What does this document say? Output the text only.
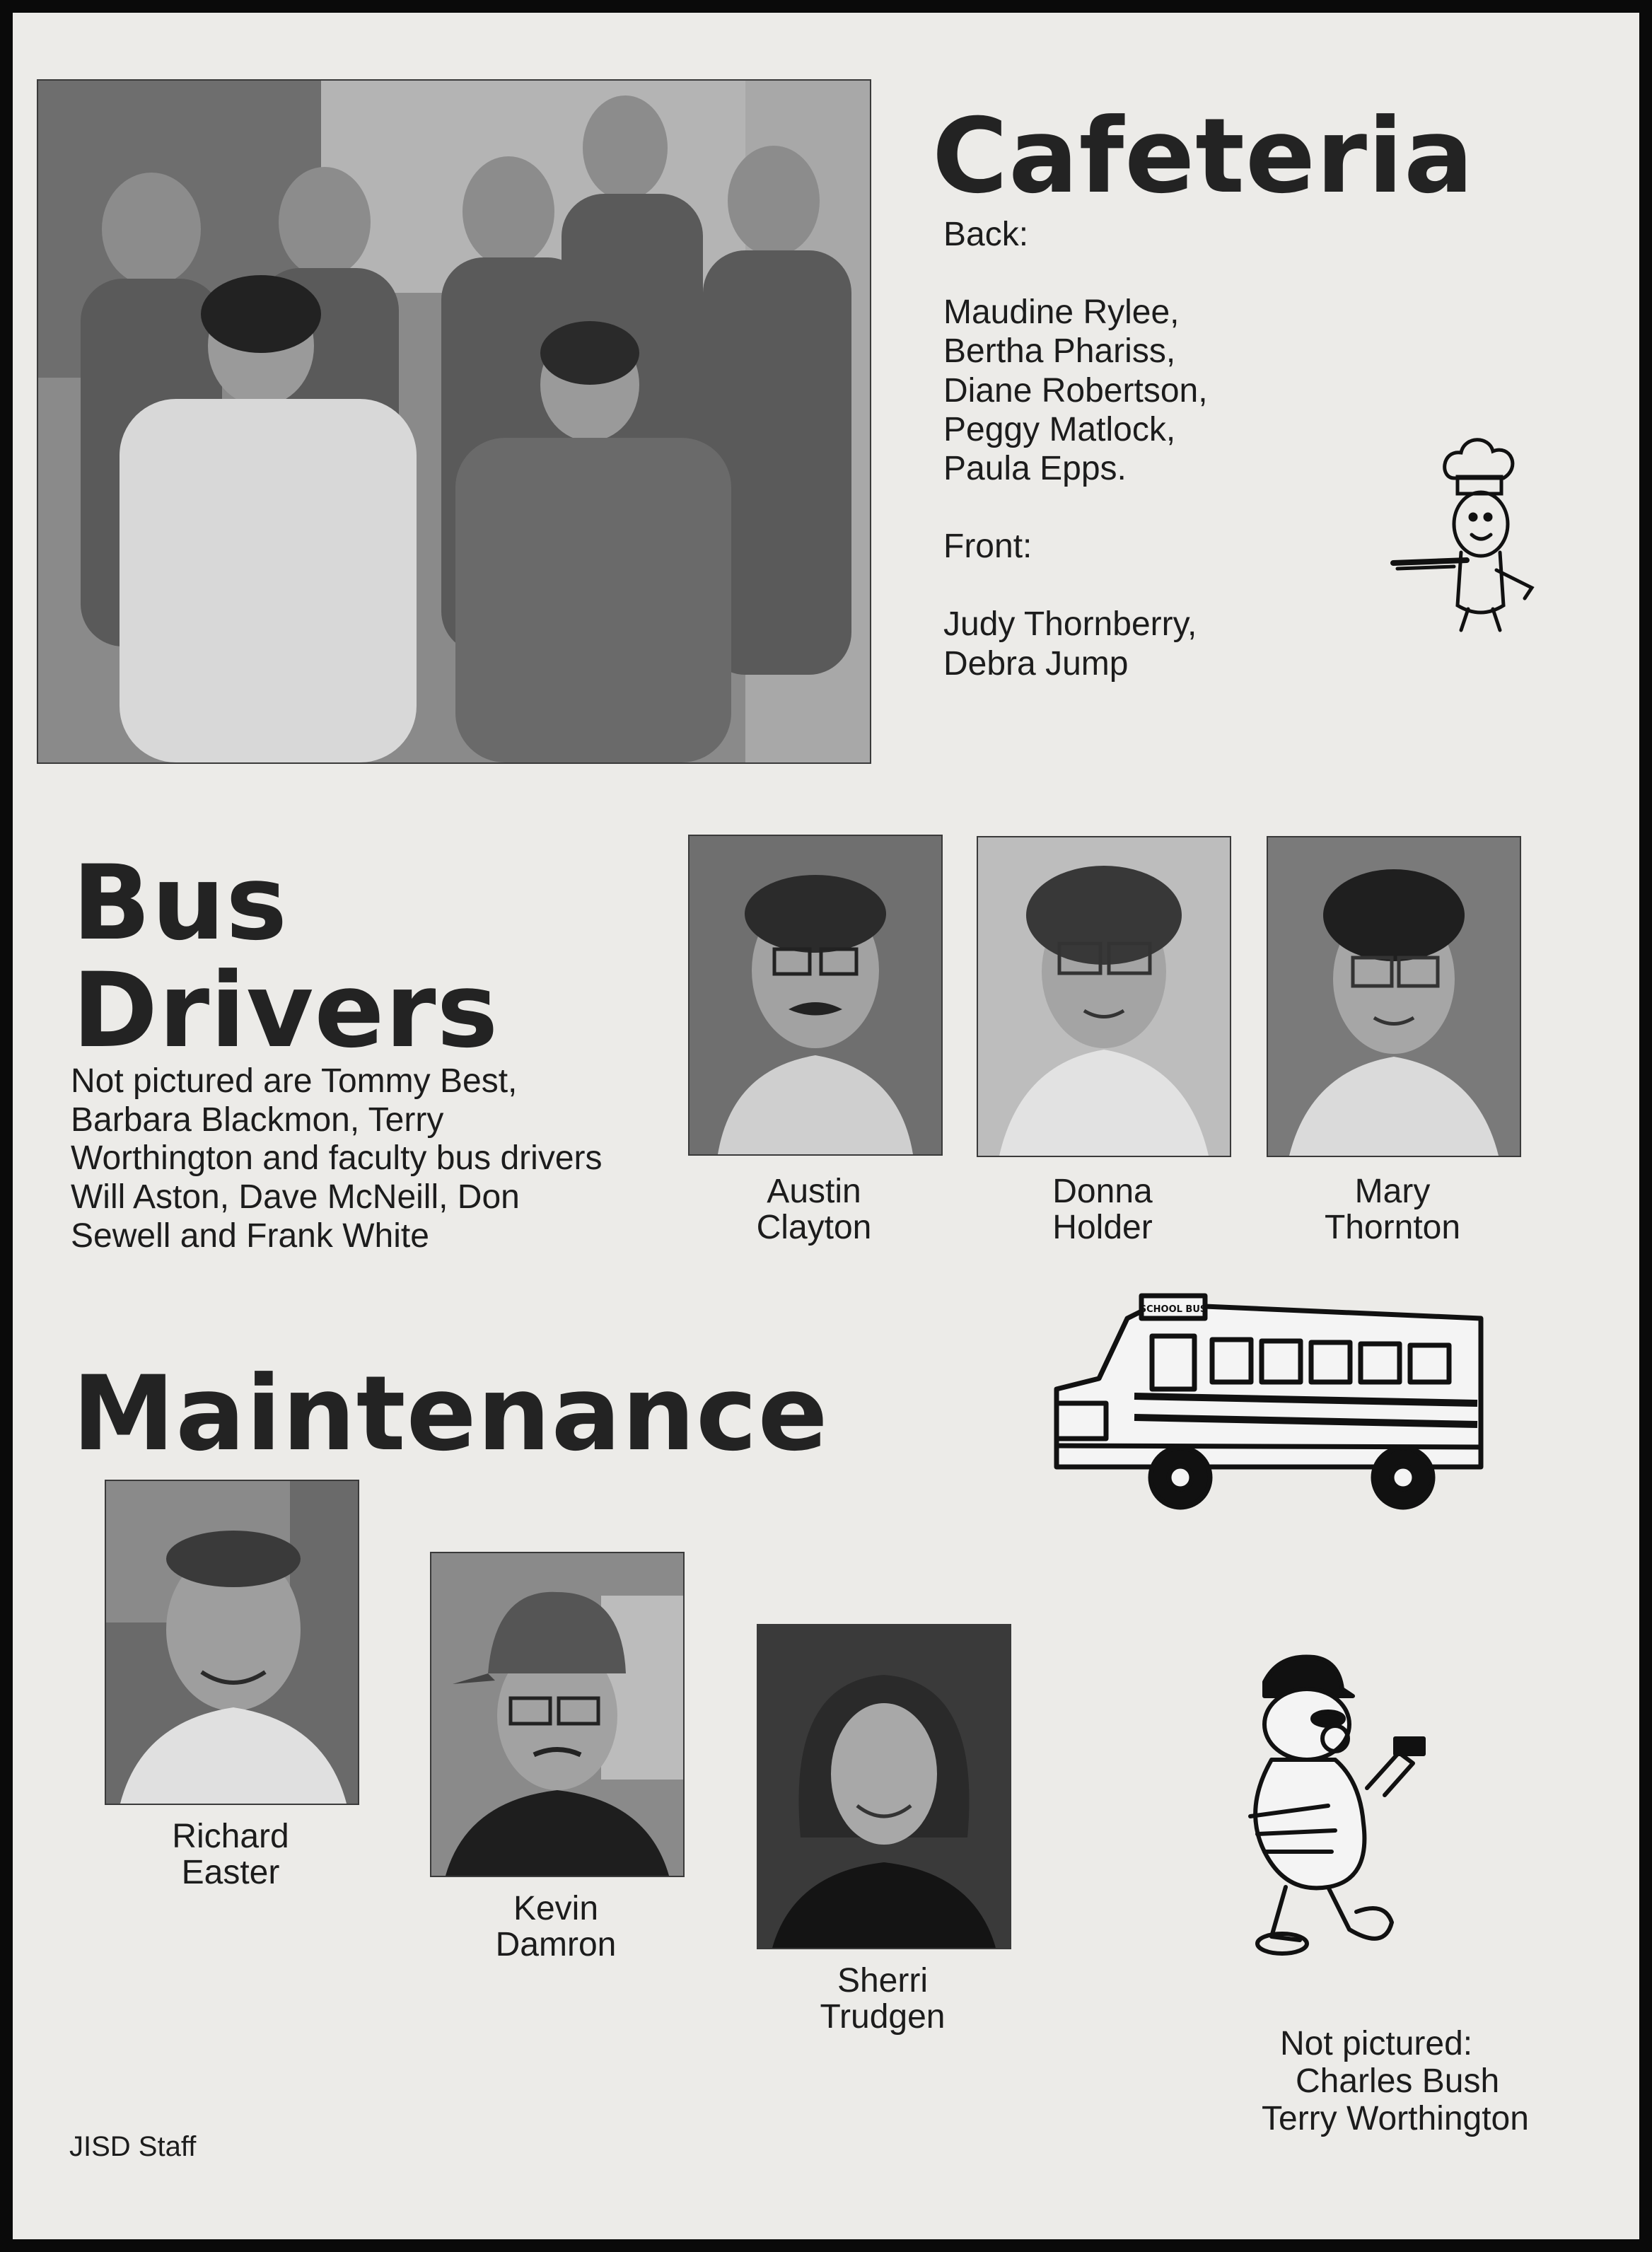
Cafeteria
Back:
Maudine Rylee,
Bertha Phariss,
Diane Robertson,
Peggy Matlock,
Paula Epps.
Front:
Judy Thornberry,
Debra Jump
Bus
Drivers
Not pictured are Tommy Best,
Barbara Blackmon, Terry
Worthington and faculty bus drivers
Will Aston, Dave McNeill, Don
Sewell and Frank White
Austin
Clayton
Donna
Holder
Mary
Thornton
SCHOOL BUS
Maintenance
Richard
Easter
Kevin
Damron
Sherri
Trudgen
Not pictured:
Charles Bush
Terry Worthington
JISD Staff
